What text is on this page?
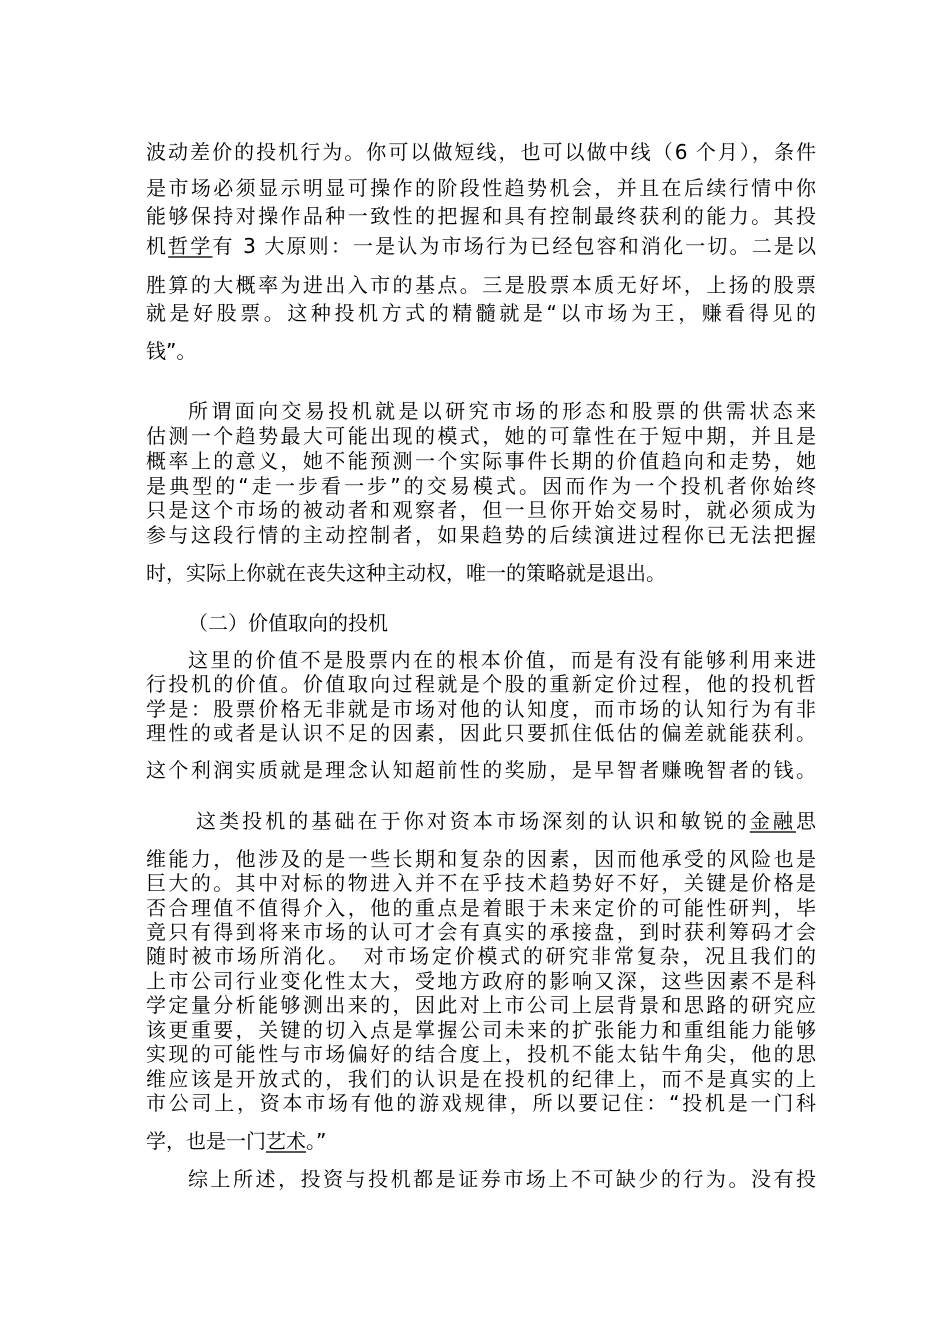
波动差价的投机行为。你可以做短线，也可以做中线（6 个月），条件

是市场必须显示明显可操作的阶段性趋势机会，并且在后续行情中你

能够保持对操作品种一致性的把握和具有控制最终获利的能力。其投

机哲学有 3 大原则：一是认为市场行为已经包容和消化一切。二是以

胜算的大概率为进出入市的基点。三是股票本质无好坏，上扬的股票

就是好股票。这种投机方式的精髓就是“以市场为王，赚看得见的

钱”。

所谓面向交易投机就是以研究市场的形态和股票的供需状态来

估测一个趋势最大可能出现的模式，她的可靠性在于短中期，并且是

概率上的意义，她不能预测一个实际事件长期的价值趋向和走势，她

是典型的“走一步看一步”的交易模式。因而作为一个投机者你始终

只是这个市场的被动者和观察者，但一旦你开始交易时，就必须成为

参与这段行情的主动控制者，如果趋势的后续演进过程你已无法把握

时，实际上你就在丧失这种主动权，唯一的策略就是退出。

（二）价值取向的投机

这里的价值不是股票内在的根本价值，而是有没有能够利用来进

行投机的价值。价值取向过程就是个股的重新定价过程，他的投机哲

学是：股票价格无非就是市场对他的认知度，而市场的认知行为有非

理性的或者是认识不足的因素，因此只要抓住低估的偏差就能获利。

这个利润实质就是理念认知超前性的奖励，是早智者赚晚智者的钱。

这类投机的基础在于你对资本市场深刻的认识和敏锐的金融思

维能力，他涉及的是一些长期和复杂的因素，因而他承受的风险也是

巨大的。其中对标的物进入并不在乎技术趋势好不好，关键是价格是

否合理值不值得介入，他的重点是着眼于未来定价的可能性研判，毕

竟只有得到将来市场的认可才会有真实的承接盘，到时获利筹码才会

随时被市场所消化。　对市场定价模式的研究非常复杂，况且我们的

上市公司行业变化性太大，受地方政府的影响又深，这些因素不是科

学定量分析能够测出来的，因此对上市公司上层背景和思路的研究应

该更重要，关键的切入点是掌握公司未来的扩张能力和重组能力能够

实现的可能性与市场偏好的结合度上，投机不能太钻牛角尖，他的思

维应该是开放式的，我们的认识是在投机的纪律上，而不是真实的上

市公司上，资本市场有他的游戏规律，所以要记住：“投机是一门科

学，也是一门艺术。”

综上所述，投资与投机都是证券市场上不可缺少的行为。没有投
